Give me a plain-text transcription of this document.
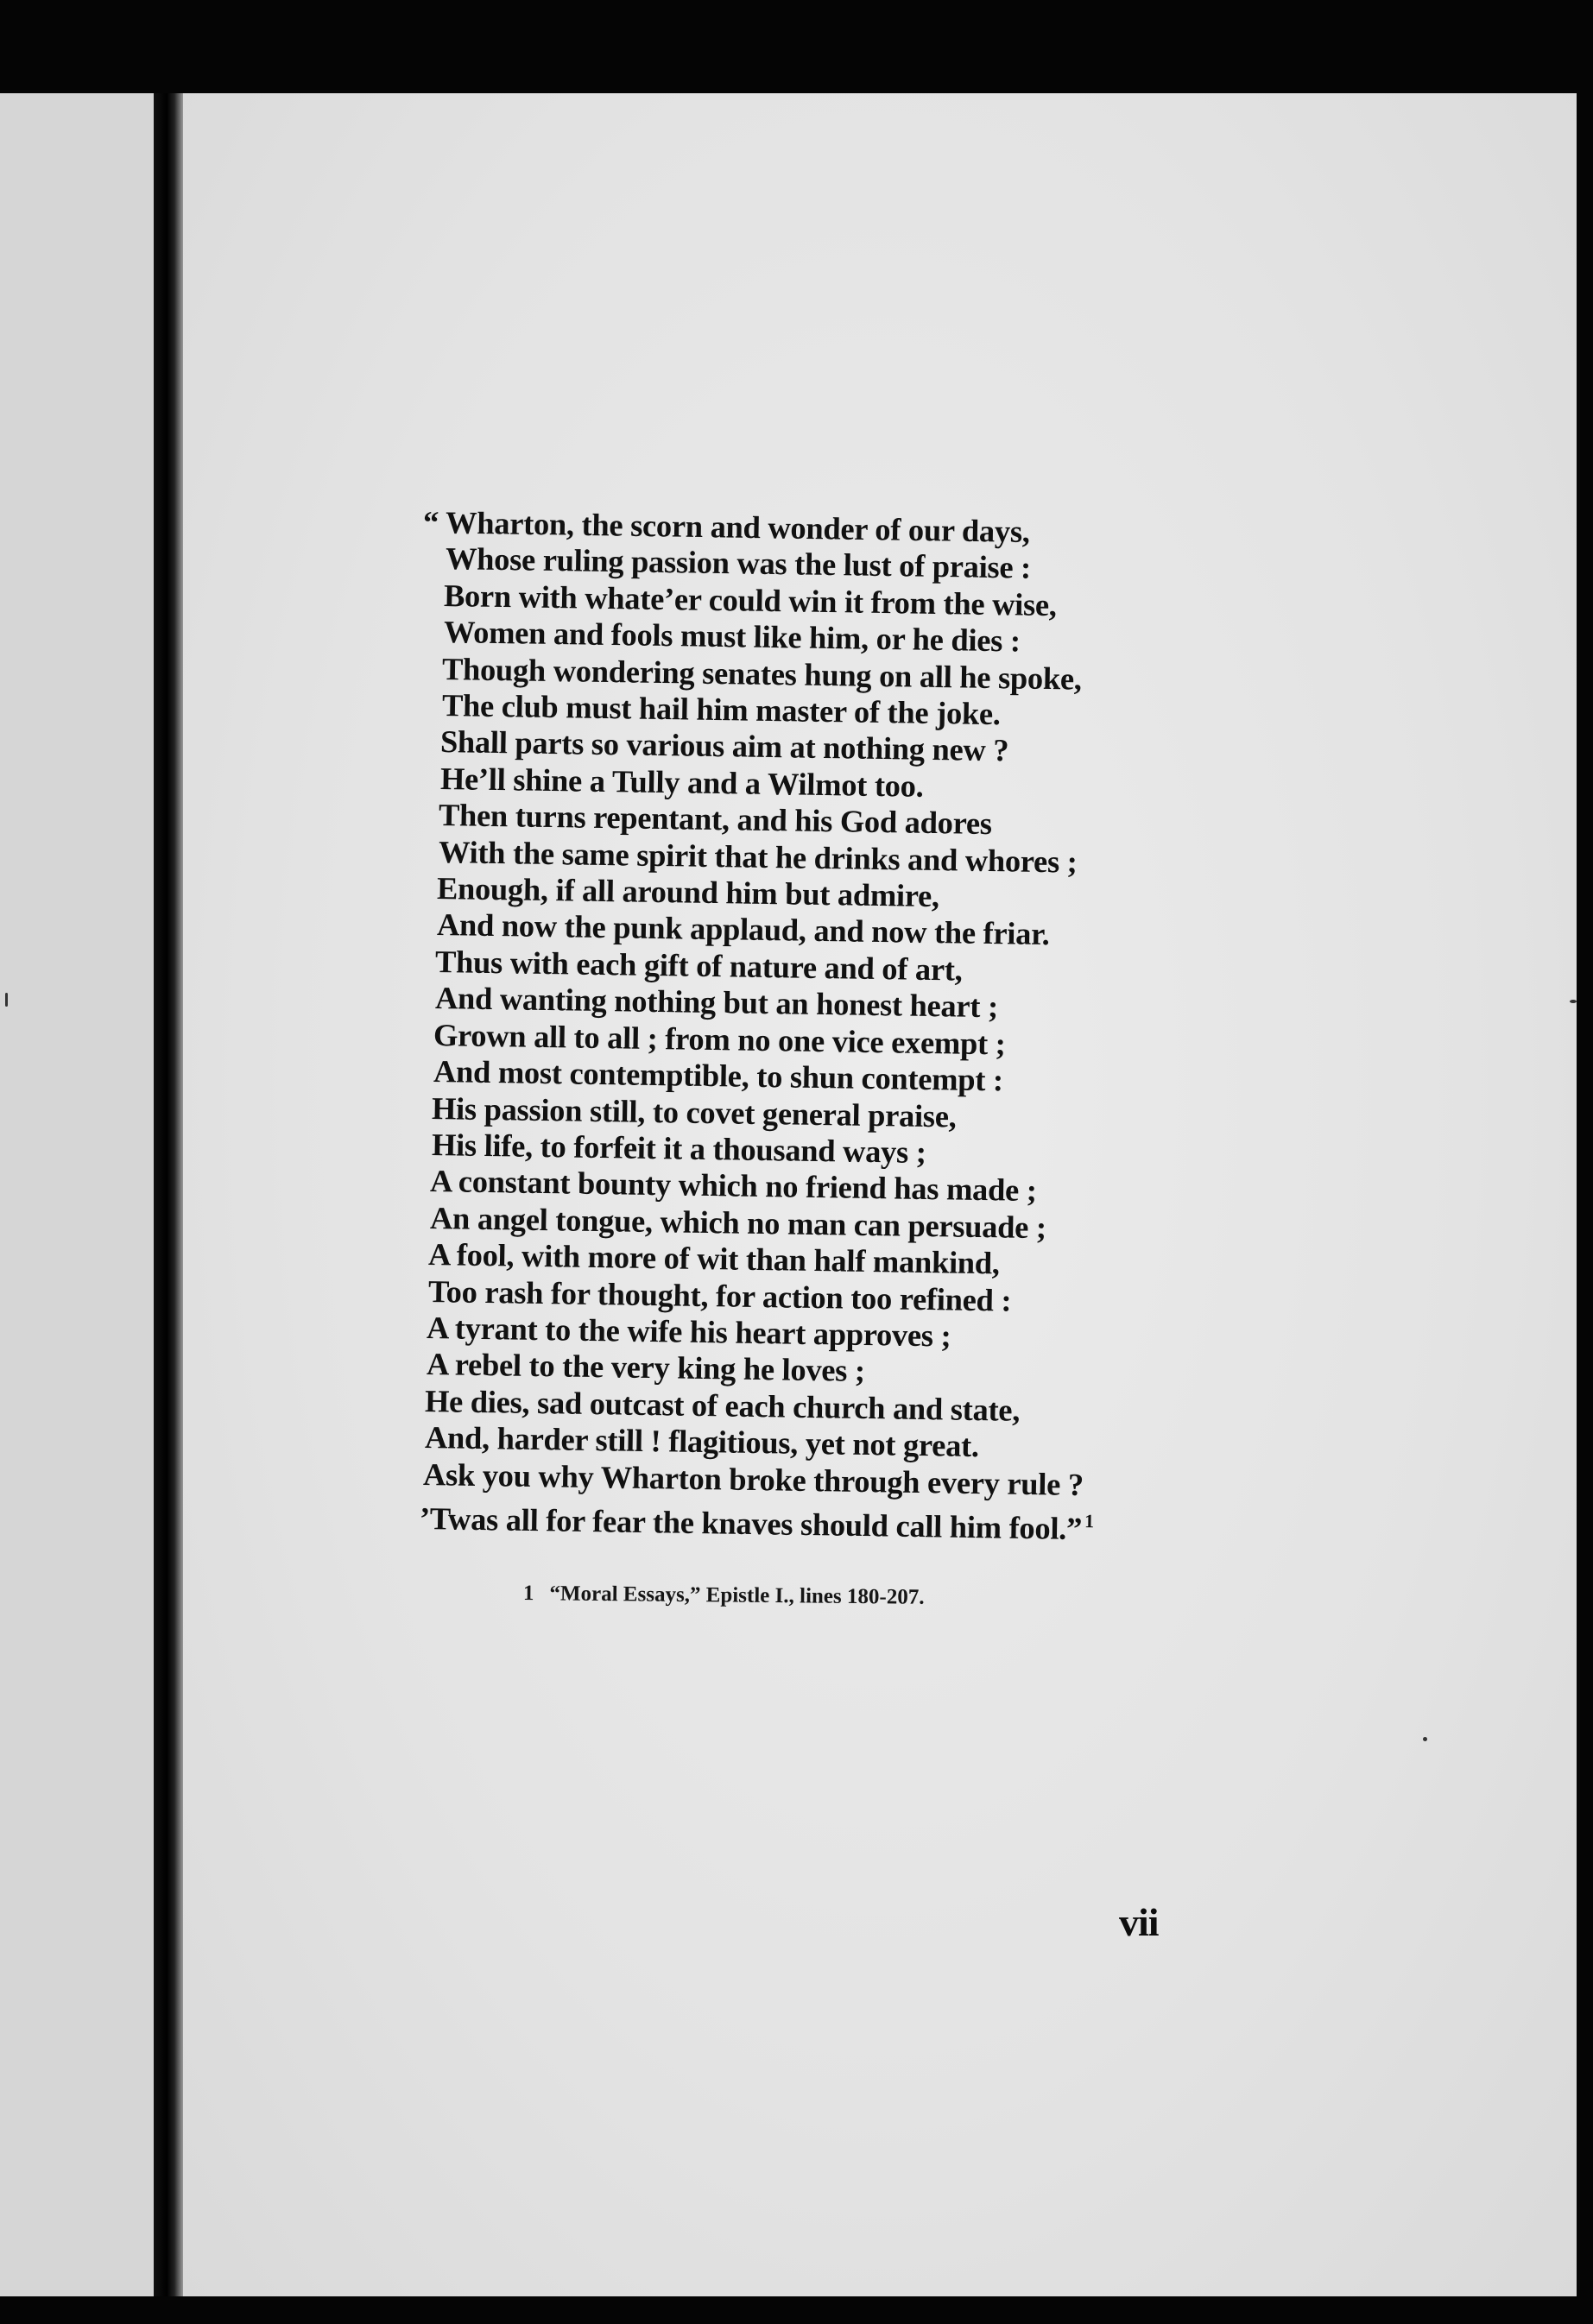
“ Wharton, the scorn and wonder of our days,
Whose ruling passion was the lust of praise :
Born with whate’er could win it from the wise,
Women and fools must like him, or he dies :
Though wondering senates hung on all he spoke,
The club must hail him master of the joke.
Shall parts so various aim at nothing new ?
He’ll shine a Tully and a Wilmot too.
Then turns repentant, and his God adores
With the same spirit that he drinks and whores ;
Enough, if all around him but admire,
And now the punk applaud, and now the friar.
Thus with each gift of nature and of art,
And wanting nothing but an honest heart ;
Grown all to all ; from no one vice exempt ;
And most contemptible, to shun contempt :
His passion still, to covet general praise,
His life, to forfeit it a thousand ways ;
A constant bounty which no friend has made ;
An angel tongue, which no man can persuade ;
A fool, with more of wit than half mankind,
Too rash for thought, for action too refined :
A tyrant to the wife his heart approves ;
A rebel to the very king he loves ;
He dies, sad outcast of each church and state,
And, harder still ! flagitious, yet not great.
Ask you why Wharton broke through every rule ?
’Twas all for fear the knaves should call him fool.” $^1$
1 “Moral Essays,” Epistle I., lines 180-207.
vii
